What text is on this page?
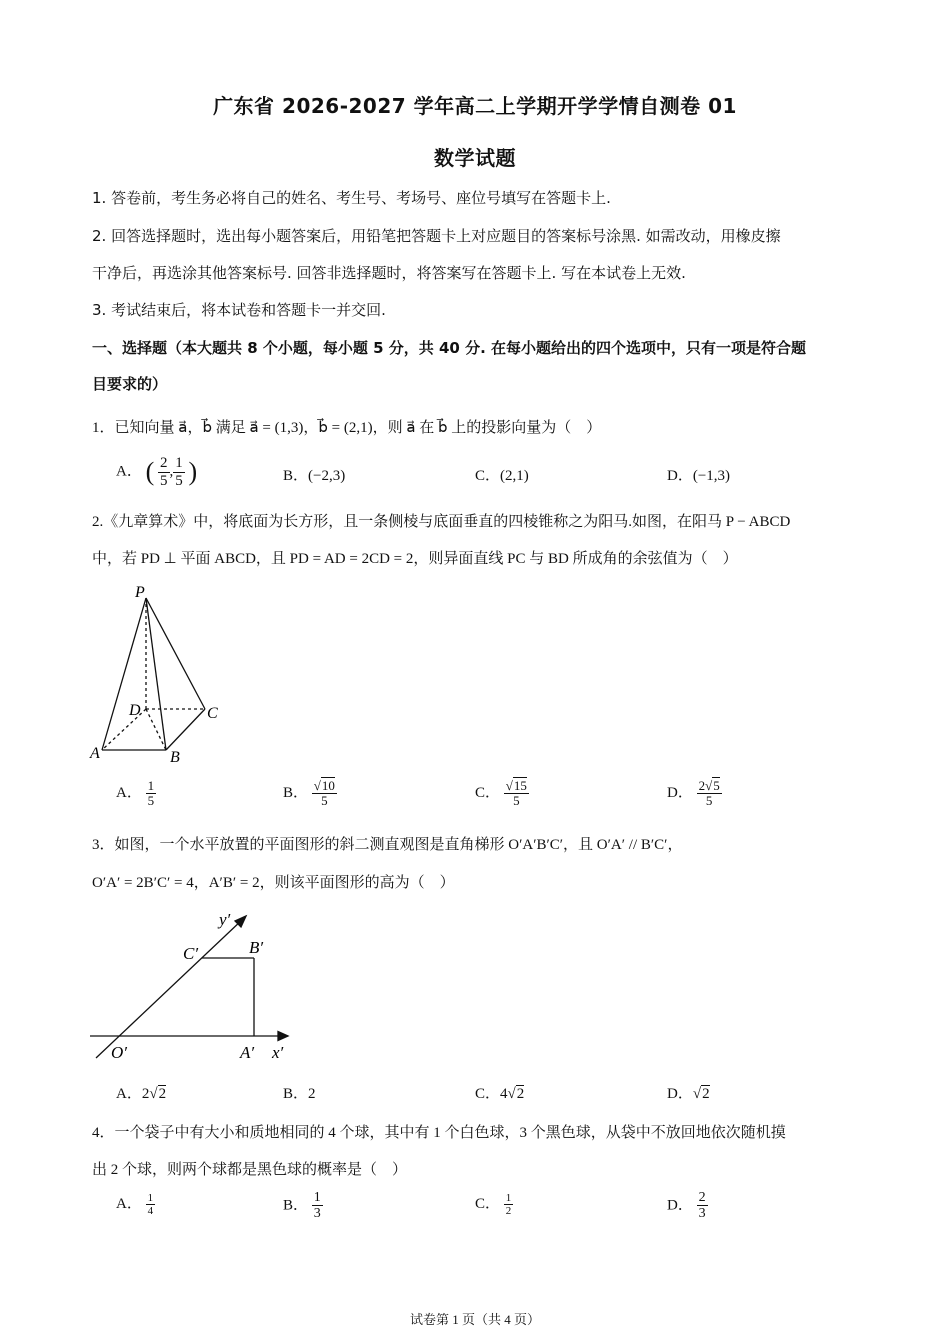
广东省 2026-2027 学年高二上学期开学学情自测卷 01
数学试题
1. 答卷前，考生务必将自己的姓名、考生号、考场号、座位号填写在答题卡上.
2. 回答选择题时，选出每小题答案后，用铅笔把答题卡上对应题目的答案标号涂黑. 如需改动，用橡皮擦
干净后，再选涂其他答案标号. 回答非选择题时，将答案写在答题卡上. 写在本试卷上无效.
3. 考试结束后，将本试卷和答题卡一并交回.
一、选择题（本大题共 8 个小题，每小题 5 分，共 40 分. 在每小题给出的四个选项中，只有一项是符合题
目要求的）
1．已知向量 a⃗，b⃗ 满足 a⃗ = (1,3)，b⃗ = (2,1)，则 a⃗ 在 b⃗ 上的投影向量为（　）
A． ( $\frac{2}{5}$ , $\frac{1}{5}$ )	B．(−2,3)	C．(2,1)	D．(−1,3)
2.《九章算术》中，将底面为长方形，且一条侧棱与底面垂直的四棱锥称之为阳马.如图，在阳马 P − ABCD
中，若 PD ⊥ 平面 ABCD，且 PD = AD = 2CD = 2，则异面直线 PC 与 BD 所成角的余弦值为（　）
P
D	C
A	B
A． $\frac{1}{5}$	B． $\frac{√10}{5}$	C． $\frac{√15}{5}$	D． $\frac{2√5}{5}$
3．如图，一个水平放置的平面图形的斜二测直观图是直角梯形 O′A′B′C′，且 O′A′ // B′C′，
O′A′ = 2B′C′ = 4，A′B′ = 2，则该平面图形的高为（　）
y′
C′	B′
O′	A′ x′
A．2√2	B．2	C．4√2	D．√2
4．一个袋子中有大小和质地相同的 4 个球，其中有 1 个白色球，3 个黑色球，从袋中不放回地依次随机摸
出 2 个球，则两个球都是黑色球的概率是（　）
A． $\frac{1}{4}$	B． $\frac{1}{3}$	C． $\frac{1}{2}$	D． $\frac{2}{3}$
试卷第 1 页（共 4 页）
